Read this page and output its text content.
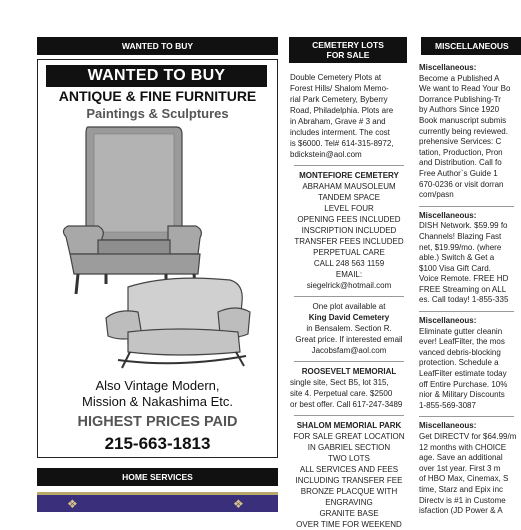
WANTED TO BUY
WANTED TO BUY
ANTIQUE & FINE FURNITURE
Paintings & Sculptures
Also Vintage Modern,
Mission & Nakashima Etc.
HIGHEST PRICES PAID
215-663-1813
HOME SERVICES
❖	❖
CEMETERY LOTS
FOR SALE
Double Cemetery Plots at
Forest Hills/ Shalom Memo-
rial Park Cemetery, Byberry
Road, Philadelphia. Plots are
in Abraham, Grave # 3 and
includes interment. The cost
is $6000. Tel# 614-315-8972,
bdickstein@aol.com
MONTEFIORE CEMETERY
ABRAHAM MAUSOLEUM
TANDEM SPACE
LEVEL FOUR
OPENING FEES INCLUDED
INSCRIPTION INCLUDED
TRANSFER FEES INCLUDED
PERPETUAL CARE
CALL 248 563 1159
EMAIL:
siegelrick@hotmail.com
One plot available at
King David Cemetery
in Bensalem. Section R.
Great price. If interested email
Jacobsfam@aol.com
ROOSEVELT MEMORIAL
single site, Sect B5, lot 315,
site 4. Perpetual care. $2500
or best offer. Call 617-247-3489
SHALOM MEMORIAL PARK
FOR SALE GREAT LOCATION
IN GABRIEL SECTION
TWO LOTS
ALL SERVICES AND FEES
INCLUDING TRANSFER FEE
BRONZE PLACQUE WITH
ENGRAVING
GRANITE BASE
OVER TIME FOR WEEKEND
MISCELLANEOUS
Miscellaneous:
Become a Published A
We want to Read Your Bo
Dorrance Publishing-Tr
by Authors Since 1920
Book manuscript submis
currently being reviewed.
prehensive Services: C
tation, Production, Pron
and Distribution. Call fo
Free Author`s Guide 1
670-0236 or visit dorran
com/pasn
Miscellaneous:
DISH Network. $59.99 fo
Channels! Blazing Fast
net, $19.99/mo. (where
able.) Switch & Get a
$100 Visa Gift Card.
Voice Remote. FREE HD
FREE Streaming on ALL
es. Call today! 1-855-335
Miscellaneous:
Eliminate gutter cleanin
ever! LeafFilter, the mos
vanced debris-blocking
protection. Schedule a
LeafFilter estimate today
off Entire Purchase. 10%
nior & Military Discounts
1-855-569-3087
Miscellaneous:
Get DIRECTV for $64.99/m
12 months with CHOICE
age. Save an additional
over 1st year. First 3 m
of HBO Max, Cinemax, S
time, Starz and Epix inc
Directv is #1 in Custome
isfaction (JD Power & A
